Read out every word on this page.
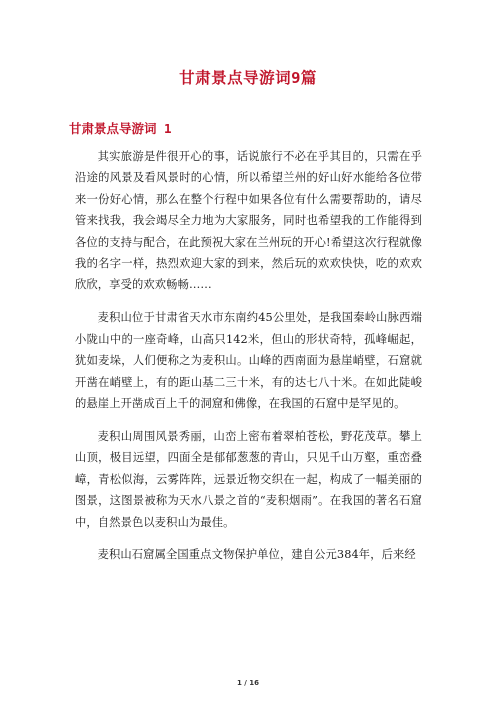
甘肃景点导游词9篇
甘肃景点导游词 1

其实旅游是件很开心的事，话说旅行不必在乎其目的，只需在乎沿途的风景及看风景时的心情，所以希望兰州的好山好水能给各位带来一份好心情，那么在整个行程中如果各位有什么需要帮助的，请尽管来找我，我会竭尽全力地为大家服务，同时也希望我的工作能得到各位的支持与配合，在此预祝大家在兰州玩的开心!希望这次行程就像我的名字一样，热烈欢迎大家的到来，然后玩的欢欢快快，吃的欢欢欣欣，享受的欢欢畅畅……

麦积山位于甘肃省天水市东南约45公里处，是我国秦岭山脉西端小陇山中的一座奇峰，山高只142米，但山的形状奇特，孤峰崛起，犹如麦垛，人们便称之为麦积山。山峰的西南面为悬崖峭壁，石窟就开凿在峭壁上，有的距山基二三十米，有的达七八十米。在如此陡峻的悬崖上开凿成百上千的洞窟和佛像，在我国的石窟中是罕见的。

麦积山周围风景秀丽，山峦上密布着翠柏苍松，野花茂草。攀上山顶，极目远望，四面全是郁郁葱葱的青山，只见千山万壑，重峦叠嶂，青松似海，云雾阵阵，远景近物交织在一起，构成了一幅美丽的图景，这图景被称为天水八景之首的“麦积烟雨”。在我国的著名石窟中，自然景色以麦积山为最佳。

麦积山石窟属全国重点文物保护单位，建自公元384年，后来经

1 / 16
